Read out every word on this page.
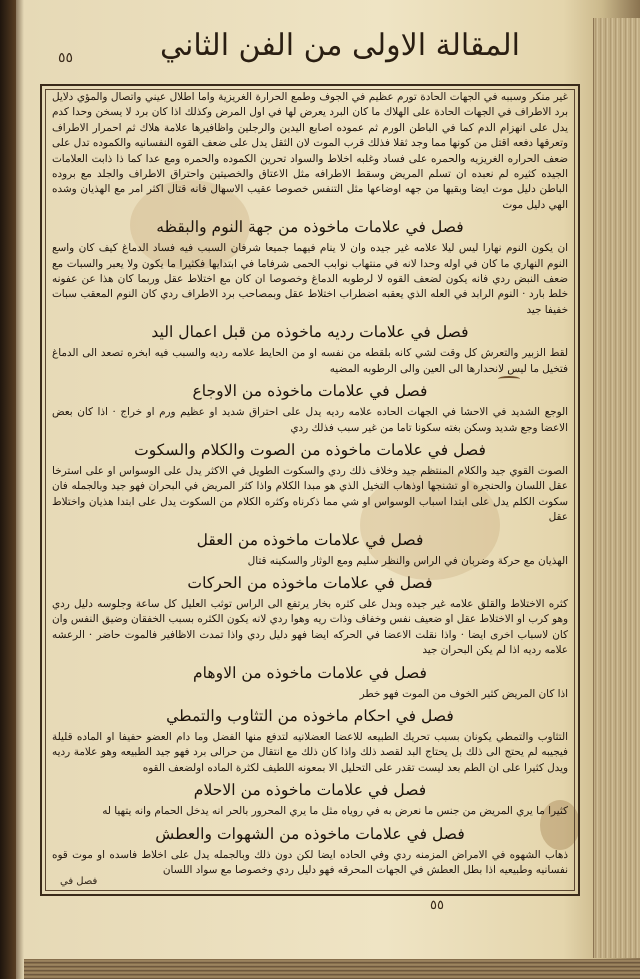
٥٥	المقالة الاولى من الفن الثاني

غير منكر وسببه في الجهات الحادة تورم عظيم في الجوف وطمع الحرارة الغريزية واما اطلال عيني واتصال والمؤي دلايل برد الاطراف في الجهات الحادة على الهلاك ما كان البرد يعرض لها في اول المرض وكذلك اذا كان برد لا يسخن وحدا كدم يدل على انهزام الدم كما في الباطن الورم ثم عموده اصابع اليدين والرجلين واظافيرها علامة هلاك ثم احمرار الاطراف وتعرقها دفعه اقتل من كونها مما وجد ثقلا فذلك قرب الموت لان الثقل يدل على ضعف القوه النفسانيه والكموده تدل على ضعف الحراره الغريزيه والحمره على فساد وغلبه اخلاط والسواد تحرين الكموده والحمره ومع عدا كما ذا ذابت العلامات الجيده كثيره لم نعبده ان تسلم المريض وسقط الاطرافه مثل الاعتاق والخصيتين واحتراق الاطراف والجلد مع بروده الباطن دليل موت ايضا وبقيها من جهه اوضاعها مثل التنفس خصوصا عقيب الاسهال فانه قتال اكثر امر مع الهذيان وشده الهي دليل موت

فصل في علامات ماخوذه من جهة النوم والبقظه

ان يكون النوم نهارا ليس ليلا علامه غير جيده وان لا ينام فيهما جميعا شرفان السبب فيه فساد الدماغ كيف كان واسع النوم النهاري ما كان في اوله وحدا لانه في منتهاب نوابب الحمى شرفاما في ابتدايها فكثيرا ما يكون ولا يعبر والسبات مع ضعف النبض ردي فانه يكون لضعف القوه لا لرطوبه الدماغ وخصوصا ان كان مع اختلاط عقل وربما كان هذا عن عفونه خلط بارد · النوم الرابد في العله الذي يعقبه اضطراب اختلاط عقل وبمصاحب برد الاطراف ردي كان النوم المعقب سبات خفيفا جيد

فصل في علامات رديه ماخوذه من قبل اعمال اليد

لقط الزبير والتعرش كل وقت لشي كانه بلقطه من نفسه او من الحايط علامه رديه والسبب فيه ابخره تصعد الى الدماغ فتخيل ما ليس لانحدارها الى العين والى الرطوبه المضيه

فصل في علامات ماخوذه من الاوجاع

الوجع الشديد في الاحشا في الجهات الحاده علامه رديه يدل على احتراق شديد او عظيم ورم او خراج · اذا كان بعض الاعضا وجع شديد وسكن بغته سكونا تاما من غير سبب فذلك ردي

فصل في علامات ماخوذه من الصوت والكلام والسكوت

الصوت القوي جيد والكلام المنتظم جيد وخلاف ذلك ردي والسكوت الطويل في الاكثر يدل على الوسواس او على استرخا عقل اللسان والحنجره او تشنجها اوذهاب التخيل الذي هو مبدا الكلام واذا كثر المريض في البحران فهو جيد وبالجمله فان سكوت الكلم يدل على ابتدا اسباب الوسواس او شي مما ذكرناه وكثره الكلام من السكوت يدل على ابتدا هذيان واختلاط عقل

فصل في علامات ماخوذه من العقل

الهذيان مع حركة وضربان في الراس والنظر سليم ومع الوثار والسكينه قتال

فصل في علامات ماخوذه من الحركات

كثره الاختلاط والقلق علامه غير جيده وبدل على كثره بخار يرتفع الى الراس توثب العليل كل ساعة وجلوسه دليل ردي وهو كرب او الاختلاط عقل او ضعيف نفس وخفاف وذات ريه وهوا ردي لانه يكون الكثره بسبب الخفقان وضيق النفس وان كان لاسباب اخرى ايضا · واذا نقلت الاعضا في الحركه ايضا فهو دليل ردي واذا تمدت الاظافير فالموت حاضر · الرعشه علامه رديه اذا لم يكن البحران جيد

فصل في علامات ماخوذه من الاوهام

اذا كان المريض كثير الخوف من الموت فهو خطر

فصل في احكام ماخوذه من التثاوب والتمطي

التثاوب والتمطي يكونان بسبب تحريك الطبيعه للاعضا العضلانيه لتدفع منها الفضل وما دام العضو حفيفا او الماده قليلة فيجيبه لم يحتج الى ذلك بل يحتاج البد لقصد ذلك واذا كان ذلك مع انتقال من حرالى برد فهو جيد الطبيعه وهو علامة رديه ويدل كثيرا على ان الطم بعد ليست تقدر على التحليل الا بمعونه اللطيف لكثرة الماده اولضعف القوه

فصل في علامات ماخوذه من الاحلام

كثيرا ما يري المريض من جنس ما نعرض به في روياه مثل ما يري المحرور بالحر انه يدخل الحمام وانه يتهيا له

فصل في علامات ماخوذه من الشهوات والعطش

ذهاب الشهوه في الامراض المزمنه ردي وفي الحاده ايضا لكن دون ذلك وبالجمله يدل على اخلاط فاسده او موت قوه نفسانيه وطبيعيه اذا بطل العطش في الجهات المحرقه فهو دليل ردي وخصوصا مع سواد اللسان

فصل في
٥٥
